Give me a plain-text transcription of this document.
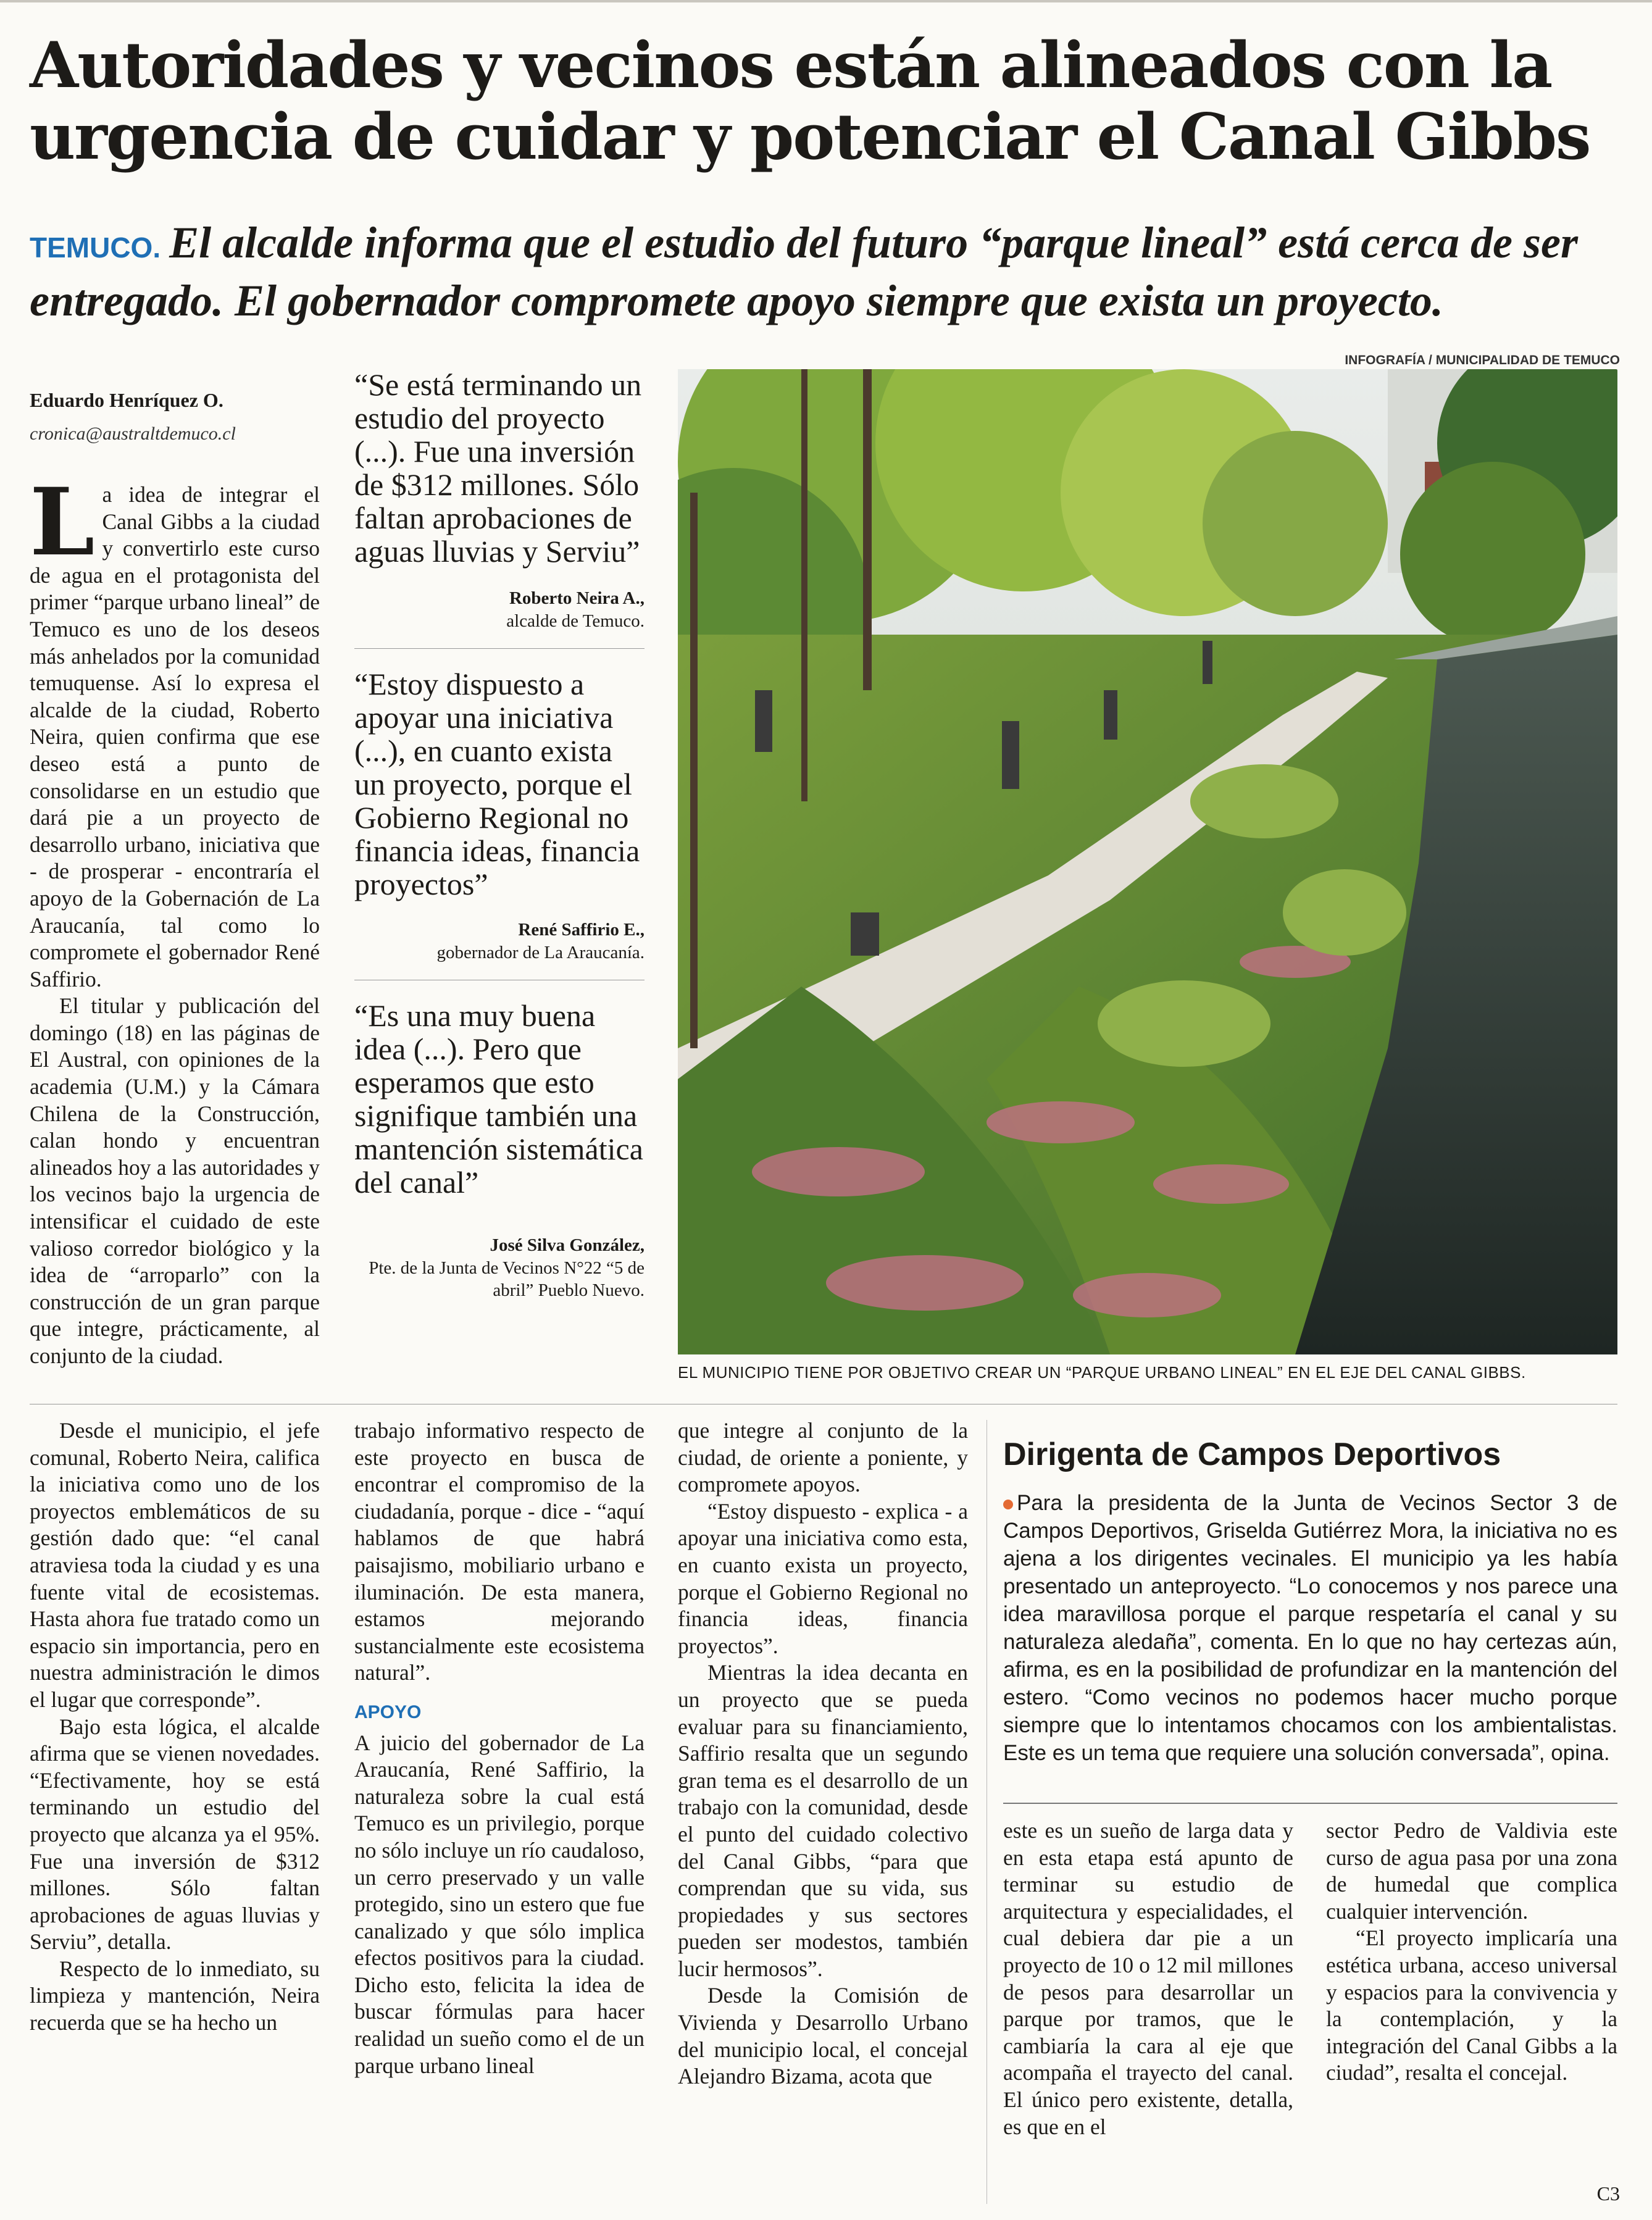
Autoridades y vecinos están alineados con la urgencia de cuidar y potenciar el Canal Gibbs

TEMUCO. El alcalde informa que el estudio del futuro “parque lineal” está cerca de ser entregado. El gobernador compromete apoyo siempre que exista un proyecto.

INFOGRAFÍA / MUNICIPALIDAD DE TEMUCO
Eduardo Henríquez O.
cronica@australtdemuco.cl

La idea de integrar el Canal Gibbs a la ciudad y convertirlo este curso de agua en el protagonista del primer “parque urbano lineal” de Temuco es uno de los deseos más anhelados por la comunidad temuquense. Así lo expresa el alcalde de la ciudad, Roberto Neira, quien confirma que ese deseo está a punto de consolidarse en un estudio que dará pie a un proyecto de desarrollo urbano, iniciativa que - de prosperar - encontraría el apoyo de la Gobernación de La Araucanía, tal como lo compromete el gobernador René Saffirio.

El titular y publicación del domingo (18) en las páginas de El Austral, con opiniones de la academia (U.M.) y la Cámara Chilena de la Construcción, calan hondo y encuentran alineados hoy a las autoridades y los vecinos bajo la urgencia de intensificar el cuidado de este valioso corredor biológico y la idea de “arroparlo” con la construcción de un gran parque que integre, prácticamente, al conjunto de la ciudad.

“Se está terminando un estudio del proyecto (...). Fue una inversión de $312 millones. Sólo faltan aprobaciones de aguas lluvias y Serviu”
Roberto Neira A.,
alcalde de Temuco.
“Estoy dispuesto a apoyar una iniciativa (...), en cuanto exista un proyecto, porque el Gobierno Regional no financia ideas, financia proyectos”
René Saffirio E.,
gobernador de La Araucanía.
“Es una muy buena idea (...). Pero que esperamos que esto signifique también una mantención sistemática del canal”
José Silva González,
Pte. de la Junta de Vecinos N°22 “5 de abril” Pueblo Nuevo.
EL MUNICIPIO TIENE POR OBJETIVO CREAR UN “PARQUE URBANO LINEAL” EN EL EJE DEL CANAL GIBBS.

Desde el municipio, el jefe comunal, Roberto Neira, califica la iniciativa como uno de los proyectos emblemáticos de su gestión dado que: “el canal atraviesa toda la ciudad y es una fuente vital de ecosistemas. Hasta ahora fue tratado como un espacio sin importancia, pero en nuestra administración le dimos el lugar que corresponde”.

Bajo esta lógica, el alcalde afirma que se vienen novedades. “Efectivamente, hoy se está terminando un estudio del proyecto que alcanza ya el 95%. Fue una inversión de $312 millones. Sólo faltan aprobaciones de aguas lluvias y Serviu”, detalla.

Respecto de lo inmediato, su limpieza y mantención, Neira recuerda que se ha hecho un

trabajo informativo respecto de este proyecto en busca de encontrar el compromiso de la ciudadanía, porque - dice - “aquí hablamos de que habrá paisajismo, mobiliario urbano e iluminación. De esta manera, estamos mejorando sustancialmente este ecosistema natural”.

APOYO

A juicio del gobernador de La Araucanía, René Saffirio, la naturaleza sobre la cual está Temuco es un privilegio, porque no sólo incluye un río caudaloso, un cerro preservado y un valle protegido, sino un estero que fue canalizado y que sólo implica efectos positivos para la ciudad. Dicho esto, felicita la idea de buscar fórmulas para hacer realidad un sueño como el de un parque urbano lineal

que integre al conjunto de la ciudad, de oriente a poniente, y compromete apoyos.

“Estoy dispuesto - explica - a apoyar una iniciativa como esta, en cuanto exista un proyecto, porque el Gobierno Regional no financia ideas, financia proyectos”.

Mientras la idea decanta en un proyecto que se pueda evaluar para su financiamiento, Saffirio resalta que un segundo gran tema es el desarrollo de un trabajo con la comunidad, desde el punto del cuidado colectivo del Canal Gibbs, “para que comprendan que su vida, sus propiedades y sus sectores pueden ser modestos, también lucir hermosos”.

Desde la Comisión de Vivienda y Desarrollo Urbano del municipio local, el concejal Alejandro Bizama, acota que

Dirigenta de Campos Deportivos
Para la presidenta de la Junta de Vecinos Sector 3 de Campos Deportivos, Griselda Gutiérrez Mora, la iniciativa no es ajena a los dirigentes vecinales. El municipio ya les había presentado un anteproyecto. “Lo conocemos y nos parece una idea maravillosa porque el parque respetaría el canal y su naturaleza aledaña”, comenta. En lo que no hay certezas aún, afirma, es en la posibilidad de profundizar en la mantención del estero. “Como vecinos no podemos hacer mucho porque siempre que lo intentamos chocamos con los ambientalistas. Este es un tema que requiere una solución conversada”, opina.

este es un sueño de larga data y en esta etapa está apunto de terminar su estudio de arquitectura y especialidades, el cual debiera dar pie a un proyecto de 10 o 12 mil millones de pesos para desarrollar un parque por tramos, que le cambiaría la cara al eje que acompaña el trayecto del canal. El único pero existente, detalla, es que en el

sector Pedro de Valdivia este curso de agua pasa por una zona de humedal que complica cualquier intervención.

“El proyecto implicaría una estética urbana, acceso universal y espacios para la convivencia y la contemplación, y la integración del Canal Gibbs a la ciudad”, resalta el concejal.

C3
